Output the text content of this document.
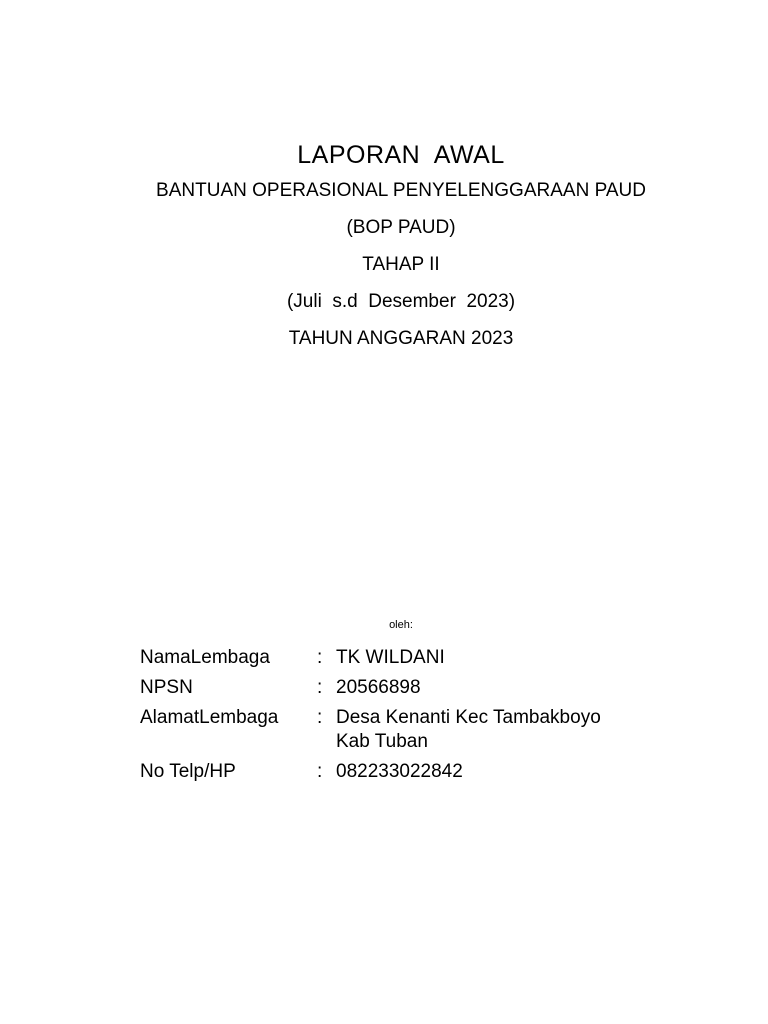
LAPORAN  AWAL
BANTUAN OPERASIONAL PENYELENGGARAAN PAUD
(BOP PAUD)
TAHAP II
(Juli  s.d  Desember  2023)
TAHUN ANGGARAN 2023
oleh:
NamaLembaga	: TK WILDANI
NPSN	: 20566898
AlamatLembaga	: Desa Kenanti Kec Tambakboyo Kab Tuban
No Telp/HP	: 082233022842
